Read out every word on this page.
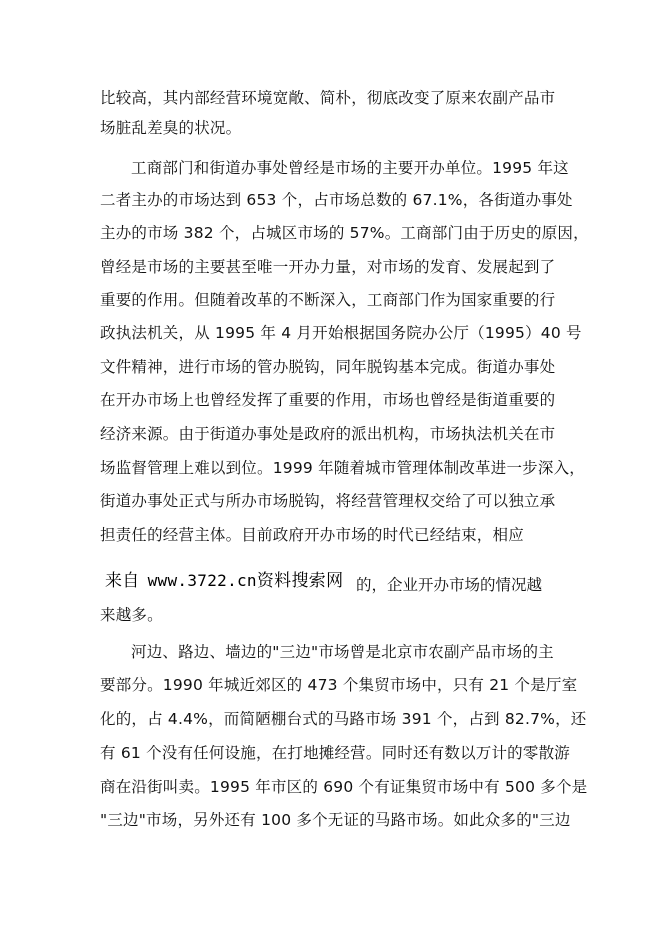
比较高，其内部经营环境宽敞、简朴，彻底改变了原来农副产品市
场脏乱差臭的状况。
工商部门和街道办事处曾经是市场的主要开办单位。1995 年这
二者主办的市场达到 653 个，占市场总数的 67.1%，各街道办事处
主办的市场 382 个，占城区市场的 57%。工商部门由于历史的原因，
曾经是市场的主要甚至唯一开办力量，对市场的发育、发展起到了
重要的作用。但随着改革的不断深入，工商部门作为国家重要的行
政执法机关，从 1995 年 4 月开始根据国务院办公厅（1995）40 号
文件精神，进行市场的管办脱钩，同年脱钩基本完成。街道办事处
在开办市场上也曾经发挥了重要的作用，市场也曾经是街道重要的
经济来源。由于街道办事处是政府的派出机构，市场执法机关在市
场监督管理上难以到位。1999 年随着城市管理体制改革进一步深入，
街道办事处正式与所办市场脱钩，将经营管理权交给了可以独立承
担责任的经营主体。目前政府开办市场的时代已经结束，相应
来自 www.3722.cn资料搜索网 的，企业开办市场的情况越
来越多。
河边、路边、墙边的"三边"市场曾是北京市农副产品市场的主
要部分。1990 年城近郊区的 473 个集贸市场中，只有 21 个是厅室
化的，占 4.4%，而简陋棚台式的马路市场 391 个，占到 82.7%，还
有 61 个没有任何设施，在打地摊经营。同时还有数以万计的零散游
商在沿街叫卖。1995 年市区的 690 个有证集贸市场中有 500 多个是
"三边"市场，另外还有 100 多个无证的马路市场。如此众多的"三边
